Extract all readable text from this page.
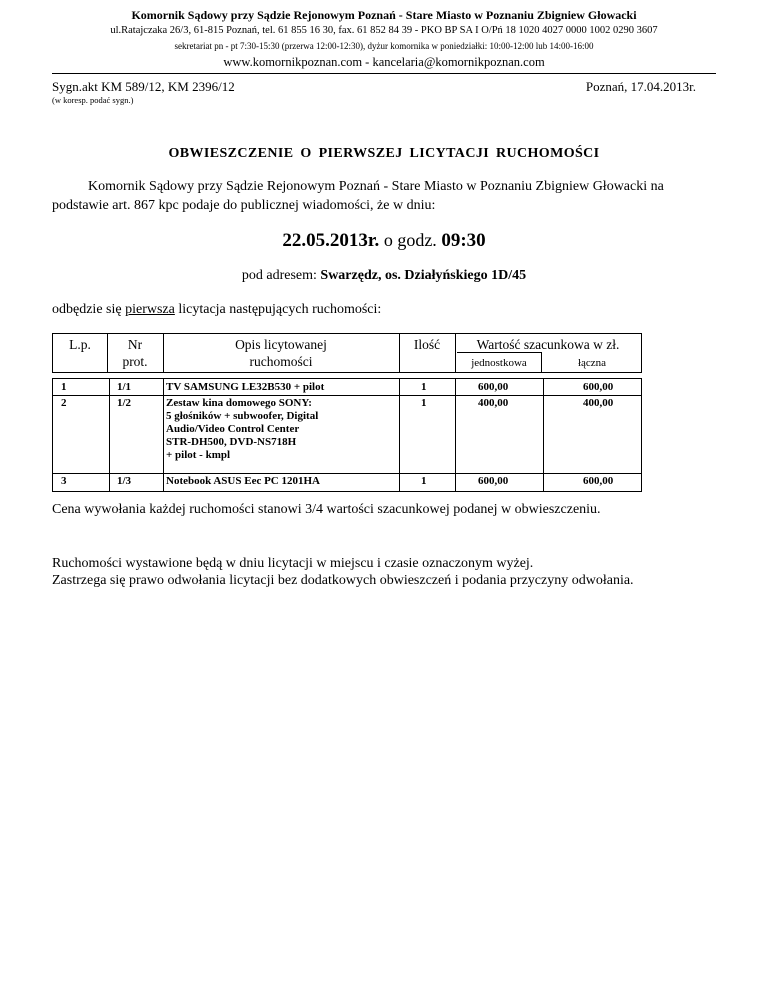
Komornik Sądowy przy Sądzie Rejonowym Poznań - Stare Miasto w Poznaniu Zbigniew Głowacki
ul.Ratajczaka 26/3, 61-815 Poznań, tel. 61 855 16 30, fax. 61 852 84 39 - PKO BP SA I O/Pń 18 1020 4027 0000 1002 0290 3607
sekretariat pn - pt 7:30-15:30 (przerwa 12:00-12:30), dyżur komornika w poniedziałki: 10:00-12:00 lub 14:00-16:00
www.komornikpoznan.com - kancelaria@komornikpoznan.com
Sygn.akt KM 589/12, KM 2396/12	Poznań, 17.04.2013r.
(w koresp. podać sygn.)
OBWIESZCZENIE O PIERWSZEJ LICYTACJI RUCHOMOŚCI
Komornik Sądowy przy Sądzie Rejonowym Poznań - Stare Miasto w Poznaniu Zbigniew Głowacki na podstawie art. 867 kpc podaje do publicznej wiadomości, że w dniu:
22.05.2013r. o godz. 09:30
pod adresem: Swarzędz, os. Działyńskiego 1D/45
odbędzie się pierwsza licytacja następujących ruchomości:
L.p.	Nr
prot.
Opis licytowanej
ruchomości
Ilość	Wartość szacunkowa w zł.
jednostkowa	łączna
1	1/1	TV SAMSUNG LE32B530 + pilot	1	600,00	600,00
2	1/2	Zestaw kina domowego SONY:
5 głośników + subwoofer, Digital
Audio/Video Control Center
STR-DH500, DVD-NS718H
+ pilot - kmpl
1	400,00	400,00
3	1/3	Notebook ASUS Eec PC 1201HA	1	600,00	600,00
Cena wywołania każdej ruchomości stanowi 3/4 wartości szacunkowej podanej w obwieszczeniu.
Ruchomości wystawione będą w dniu licytacji w miejscu i czasie oznaczonym wyżej.
Zastrzega się prawo odwołania licytacji bez dodatkowych obwieszczeń i podania przyczyny odwołania.
